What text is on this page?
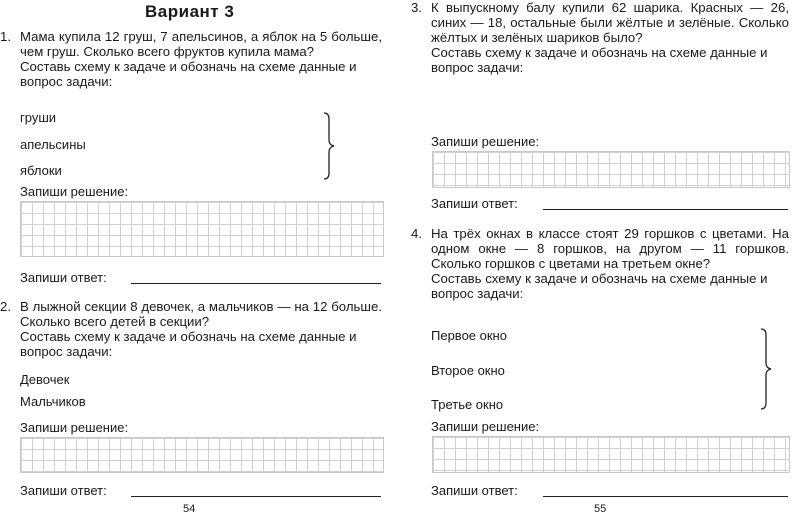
Вариант 3
1. Мама купила 12 груш, 7 апельсинов, а яблок на 5 больше, чем груш. Сколько всего фруктов купила мама?

Составь схему к задаче и обозначь на схеме данные и вопрос задачи:

груши
апельсины
яблоки
Запиши решение:
Запиши ответ:
2. В лыжной секции 8 девочек, а мальчиков — на 12 больше. Сколько всего детей в секции?

Составь схему к задаче и обозначь на схеме данные и вопрос задачи:

Девочек
Мальчиков
Запиши решение:
Запиши ответ:
54
3. К выпускному балу купили 62 шарика. Красных — 26, синих — 18, остальные были жёлтые и зелёные. Сколько жёлтых и зелёных шариков было?

Составь схему к задаче и обозначь на схеме данные и вопрос задачи:

Запиши решение:
Запиши ответ:
4. На трёх окнах в классе стоят 29 горшков с цветами. На одном окне — 8 горшков, на другом — 11 горшков. Сколько горшков с цветами на третьем окне?

Составь схему к задаче и обозначь на схеме данные и вопрос задачи:

Первое окно
Второе окно
Третье окно
Запиши решение:
Запиши ответ:
55
